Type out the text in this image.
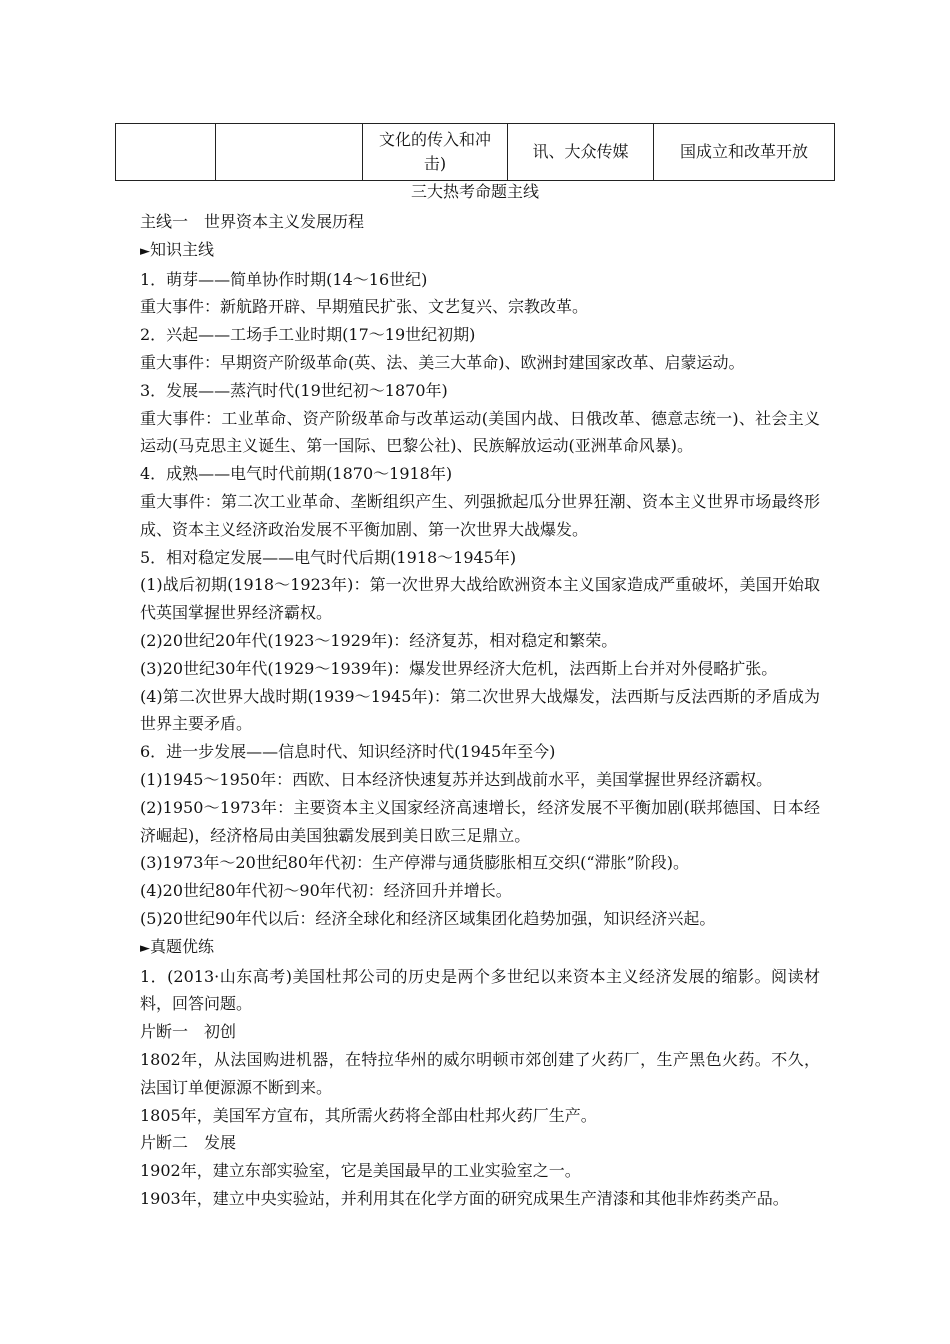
		文化的传入和冲击)	讯、大众传媒	国成立和改革开放
三大热考命题主线

主线一　世界资本主义发展历程

►知识主线

1．萌芽——简单协作时期(14～16世纪)

重大事件：新航路开辟、早期殖民扩张、文艺复兴、宗教改革。

2．兴起——工场手工业时期(17～19世纪初期)

重大事件：早期资产阶级革命(英、法、美三大革命)、欧洲封建国家改革、启蒙运动。

3．发展——蒸汽时代(19世纪初～1870年)

重大事件：工业革命、资产阶级革命与改革运动(美国内战、日俄改革、德意志统一)、社会主义运动(马克思主义诞生、第一国际、巴黎公社)、民族解放运动(亚洲革命风暴)。

4．成熟——电气时代前期(1870～1918年)

重大事件：第二次工业革命、垄断组织产生、列强掀起瓜分世界狂潮、资本主义世界市场最终形成、资本主义经济政治发展不平衡加剧、第一次世界大战爆发。

5．相对稳定发展——电气时代后期(1918～1945年)

(1)战后初期(1918～1923年)：第一次世界大战给欧洲资本主义国家造成严重破坏，美国开始取代英国掌握世界经济霸权。

(2)20世纪20年代(1923～1929年)：经济复苏，相对稳定和繁荣。

(3)20世纪30年代(1929～1939年)：爆发世界经济大危机，法西斯上台并对外侵略扩张。

(4)第二次世界大战时期(1939～1945年)：第二次世界大战爆发，法西斯与反法西斯的矛盾成为世界主要矛盾。

6．进一步发展——信息时代、知识经济时代(1945年至今)

(1)1945～1950年：西欧、日本经济快速复苏并达到战前水平，美国掌握世界经济霸权。

(2)1950～1973年：主要资本主义国家经济高速增长，经济发展不平衡加剧(联邦德国、日本经济崛起)，经济格局由美国独霸发展到美日欧三足鼎立。

(3)1973年～20世纪80年代初：生产停滞与通货膨胀相互交织(“滞胀”阶段)。

(4)20世纪80年代初～90年代初：经济回升并增长。

(5)20世纪90年代以后：经济全球化和经济区域集团化趋势加强，知识经济兴起。

►真题优练

1．(2013·山东高考)美国杜邦公司的历史是两个多世纪以来资本主义经济发展的缩影。阅读材料，回答问题。

片断一　初创

1802年，从法国购进机器，在特拉华州的威尔明顿市郊创建了火药厂，生产黑色火药。不久，法国订单便源源不断到来。

1805年，美国军方宣布，其所需火药将全部由杜邦火药厂生产。

片断二　发展

1902年，建立东部实验室，它是美国最早的工业实验室之一。

1903年，建立中央实验站，并利用其在化学方面的研究成果生产清漆和其他非炸药类产品。
